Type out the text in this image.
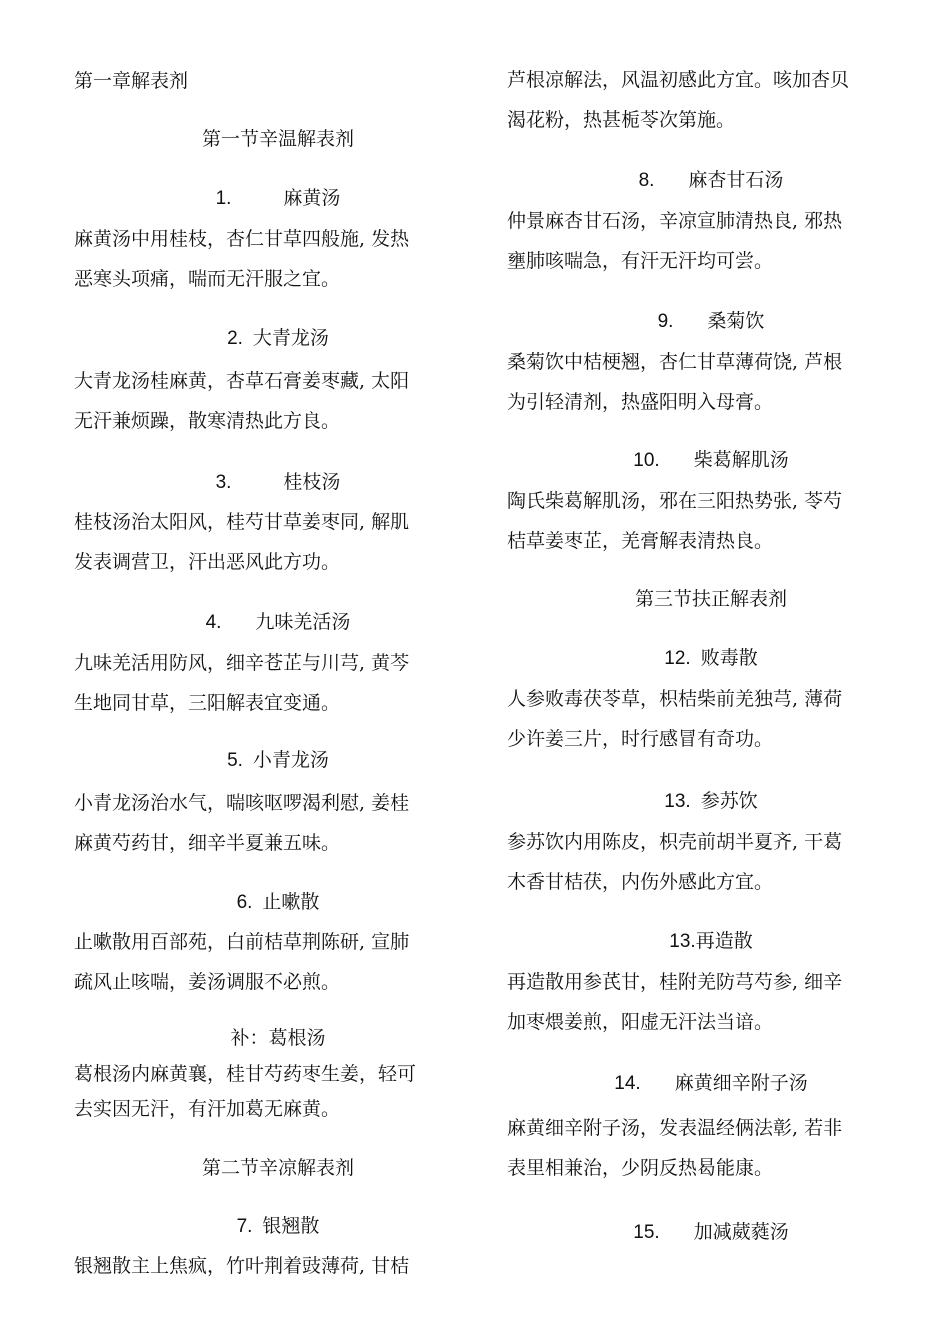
第一章解表剂
第一节辛温解表剂
1.	麻黄汤
麻黄汤中用桂枝，杏仁甘草四般施, 发热
恶寒头项痛，喘而无汗服之宜。
2. 大青龙汤
大青龙汤桂麻黄，杏草石膏姜枣藏, 太阳
无汗兼烦躁，散寒清热此方良。
3.	桂枝汤
桂枝汤治太阳风，桂芍甘草姜枣同, 解肌
发表调营卫，汗出恶风此方功。
4. 九味羌活汤
九味羌活用防风，细辛苍芷与川芎, 黄芩
生地同甘草，三阳解表宜变通。
5. 小青龙汤
小青龙汤治水气，喘咳呕啰渴利慰, 姜桂
麻黄芍药甘，细辛半夏兼五味。
6. 止嗽散
止嗽散用百部苑，白前桔草荆陈研, 宣肺
疏风止咳喘，姜汤调服不必煎。
补：葛根汤
葛根汤内麻黄襄，桂甘芍药枣生姜，轻可
去实因无汗，有汗加葛无麻黄。
第二节辛凉解表剂
7. 银翘散
银翘散主上焦疯，竹叶荆着豉薄荷, 甘桔
芦根凉解法，风温初感此方宜。咳加杏贝
渴花粉，热甚栀苓次第施。
8. 麻杏甘石汤
仲景麻杏甘石汤，辛凉宣肺清热良, 邪热
壅肺咳喘急，有汗无汗均可尝。
9. 桑菊饮
桑菊饮中桔梗翘，杏仁甘草薄荷饶, 芦根
为引轻清剂，热盛阳明入母膏。
10. 柴葛解肌汤
陶氏柴葛解肌汤，邪在三阳热势张, 苓芍
桔草姜枣芷，羌膏解表清热良。
第三节扶正解表剂
12. 败毒散
人参败毒茯苓草，枳桔柴前羌独芎, 薄荷
少许姜三片，时行感冒有奇功。
13. 参苏饮
参苏饮内用陈皮，枳壳前胡半夏齐, 干葛
木香甘桔茯，内伤外感此方宜。
13.再造散
再造散用参芪甘，桂附羌防芎芍参, 细辛
加枣煨姜煎，阳虚无汗法当谙。
14. 麻黄细辛附子汤
麻黄细辛附子汤，发表温经俩法彰, 若非
表里相兼治，少阴反热曷能康。
15. 加减葳蕤汤
